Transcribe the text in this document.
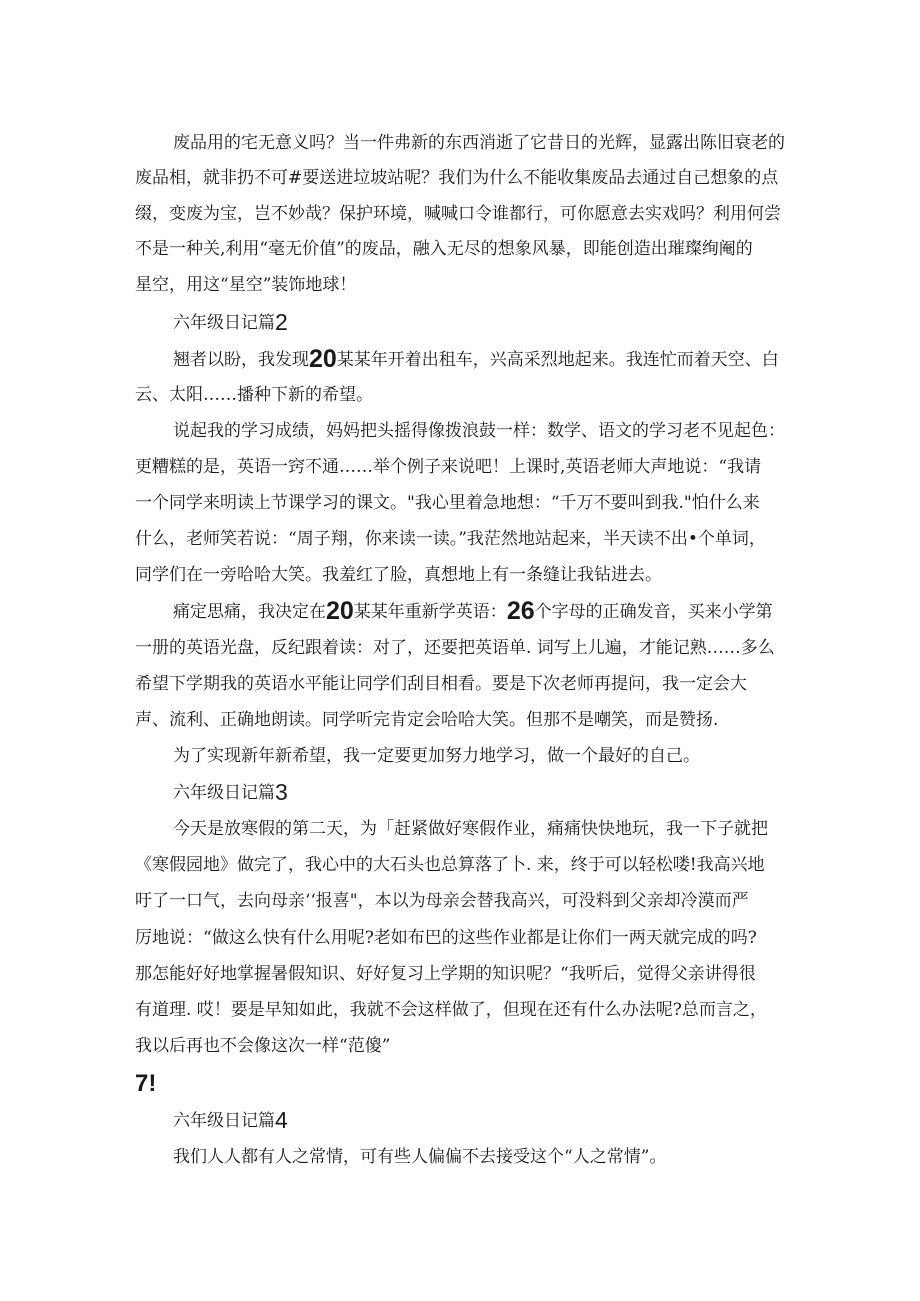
废品用的宅无意义吗？当一件弗新的东西消逝了它昔日的光辉，显露出陈旧衰老的
废品相，就非扔不可#要送进垃坡站呢？我们为什么不能收集废品去通过自己想象的点
缀，变废为宝，岂不妙哉？保护环境，喊喊口令谁都行，可你愿意去实戏吗？利用何尝
不是一种关,利用“毫无价值”的废品，融入无尽的想象风暴，即能创造出璀璨绚阉的
星空，用这“星空”装饰地球！
六年级日记篇2
翘者以盼，我发现20某某年开着出租车，兴高采烈地起来。我连忙而着天空、白
云、太阳……播种下新的希望。
说起我的学习成绩，妈妈把头摇得像拨浪鼓一样：数学、语文的学习老不见起色：
更糟糕的是，英语一窍不通……举个例子来说吧！上课时,英语老师大声地说：“我请
一个同学来明读上节课学习的课文。"我心里着急地想：“千万不要叫到我."怕什么来
什么，老师笑若说：“周子翔，你来读一读。”我茫然地站起来，半天读不出•个单词，
同学们在一旁哈哈大笑。我羞红了脸，真想地上有一条缝让我钻进去。
痛定思痛，我决定在20某某年重新学英语：26个字母的正确发音，买来小学第
一册的英语光盘，反纪跟着读：对了，还要把英语单. 词写上儿遍，才能记熟……多么
希望下学期我的英语水平能让同学们刮目相看。要是下次老师再提问，我一定会大
声、流利、正确地朗读。同学听完肯定会哈哈大笑。但那不是嘲笑，而是赞扬.
为了实现新年新希望，我一定要更加努力地学习，做一个最好的自己。
六年级日记篇3
今天是放寒假的第二天，为「赶紧做好寒假作业，痛痛快快地玩，我一下子就把
《寒假园地》做完了，我心中的大石头也总算落了卜. 来，终于可以轻松喽!我高兴地
吁了一口气，去向母亲‘‘报喜"，本以为母亲会替我高兴，可没料到父亲却冷漠而严
厉地说：“做这么快有什么用呢?老如布巴的这些作业都是让你们一两天就完成的吗?
那怎能好好地掌握暑假知识、好好复习上学期的知识呢？“我听后，觉得父亲讲得很
有道理. 哎！要是早知如此，我就不会这样做了，但现在还有什么办法呢?总而言之，
我以后再也不会像这次一样“范傻”
7!
六年级日记篇4
我们人人都有人之常情，可有些人偏偏不去接受这个“人之常情”。
